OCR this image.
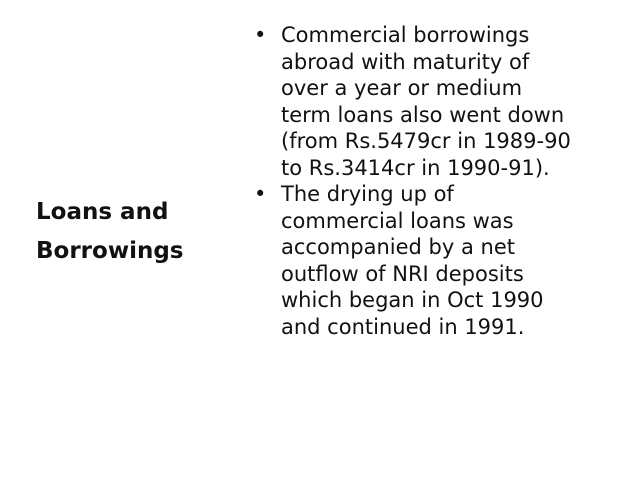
Loans and
Borrowings
• Commercial borrowings
abroad with maturity of
over a year or medium
term loans also went down
(from Rs.5479cr in 1989-90
to Rs.3414cr in 1990-91).
• The drying up of
commercial loans was
accompanied by a net
outflow of NRI deposits
which began in Oct 1990
and continued in 1991.
